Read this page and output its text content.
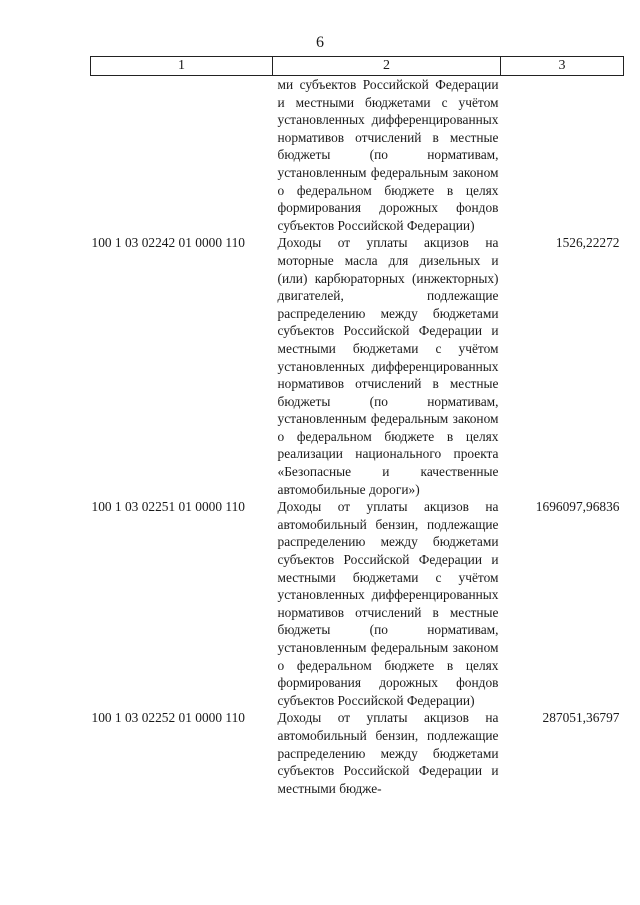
6
1	2	3
	ми субъектов Российской Федерации и местными бюджетами с учётом установленных дифференцированных нормативов отчислений в местные бюджеты (по нормативам, установленным федеральным законом о федеральном бюджете в целях формирования дорожных фондов субъектов Российской Федерации)	
100 1 03 02242 01 0000 110	Доходы от уплаты акцизов на моторные масла для дизельных и (или) карбюраторных (инжекторных) двигателей, подлежащие распределению между бюджетами субъектов Российской Федерации и местными бюджетами с учётом установленных дифференцированных нормативов отчислений в местные бюджеты (по нормативам, установленным федеральным законом о федеральном бюджете в целях реализации национального проекта «Безопасные и качественные автомобильные дороги»)	1526,22272
100 1 03 02251 01 0000 110	Доходы от уплаты акцизов на автомобильный бензин, подлежащие распределению между бюджетами субъектов Российской Федерации и местными бюджетами с учётом установленных дифференцированных нормативов отчислений в местные бюджеты (по нормативам, установленным федеральным законом о федеральном бюджете в целях формирования дорожных фондов субъектов Российской Федерации)	1696097,96836
100 1 03 02252 01 0000 110	Доходы от уплаты акцизов на автомобильный бензин, подлежащие распределению между бюджетами субъектов Российской Федерации и местными бюдже-	287051,36797
